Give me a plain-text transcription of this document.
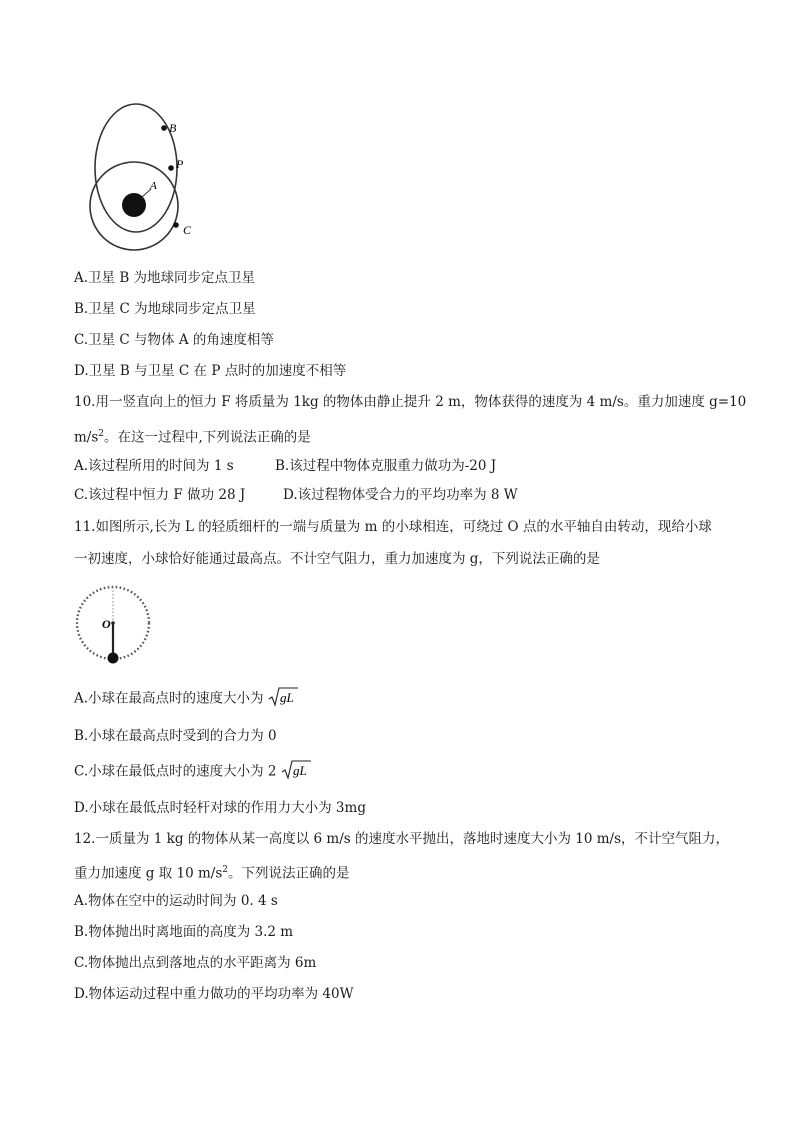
B
P
A
C
A.卫星 B 为地球同步定点卫星
B.卫星 C 为地球同步定点卫星
C.卫星 C 与物体 A 的角速度相等
D.卫星 B 与卫星 C 在 P 点时的加速度不相等
10.用一竖直向上的恒力 F 将质量为 1kg 的物体由静止提升 2 m，物体获得的速度为 4 m/s。重力加速度 g=10
$m/s^2$。在这一过程中,下列说法正确的是
A.该过程所用的时间为 1 s	B.该过程中物体克服重力做功为-20 J
C.该过程中恒力 F 做功 28 J	D.该过程物体受合力的平均功率为 8 W
11.如图所示,长为 L 的轻质细杆的一端与质量为 m 的小球相连，可绕过 O 点的水平轴自由转动，现给小球
一初速度，小球恰好能通过最高点。不计空气阻力，重力加速度为 g，下列说法正确的是
O
A.小球在最高点时的速度大小为 gL
B.小球在最高点时受到的合力为 0
C.小球在最低点时的速度大小为 2 gL
D.小球在最低点时轻杆对球的作用力大小为 3mg
12.一质量为 1 kg 的物体从某一高度以 6 m/s 的速度水平抛出，落地时速度大小为 10 m/s，不计空气阻力，
重力加速度 g 取 10 $m/s^2$。下列说法正确的是
A.物体在空中的运动时间为 0. 4 s
B.物体抛出时离地面的高度为 3.2 m
C.物体抛出点到落地点的水平距离为 6m
D.物体运动过程中重力做功的平均功率为 40W
